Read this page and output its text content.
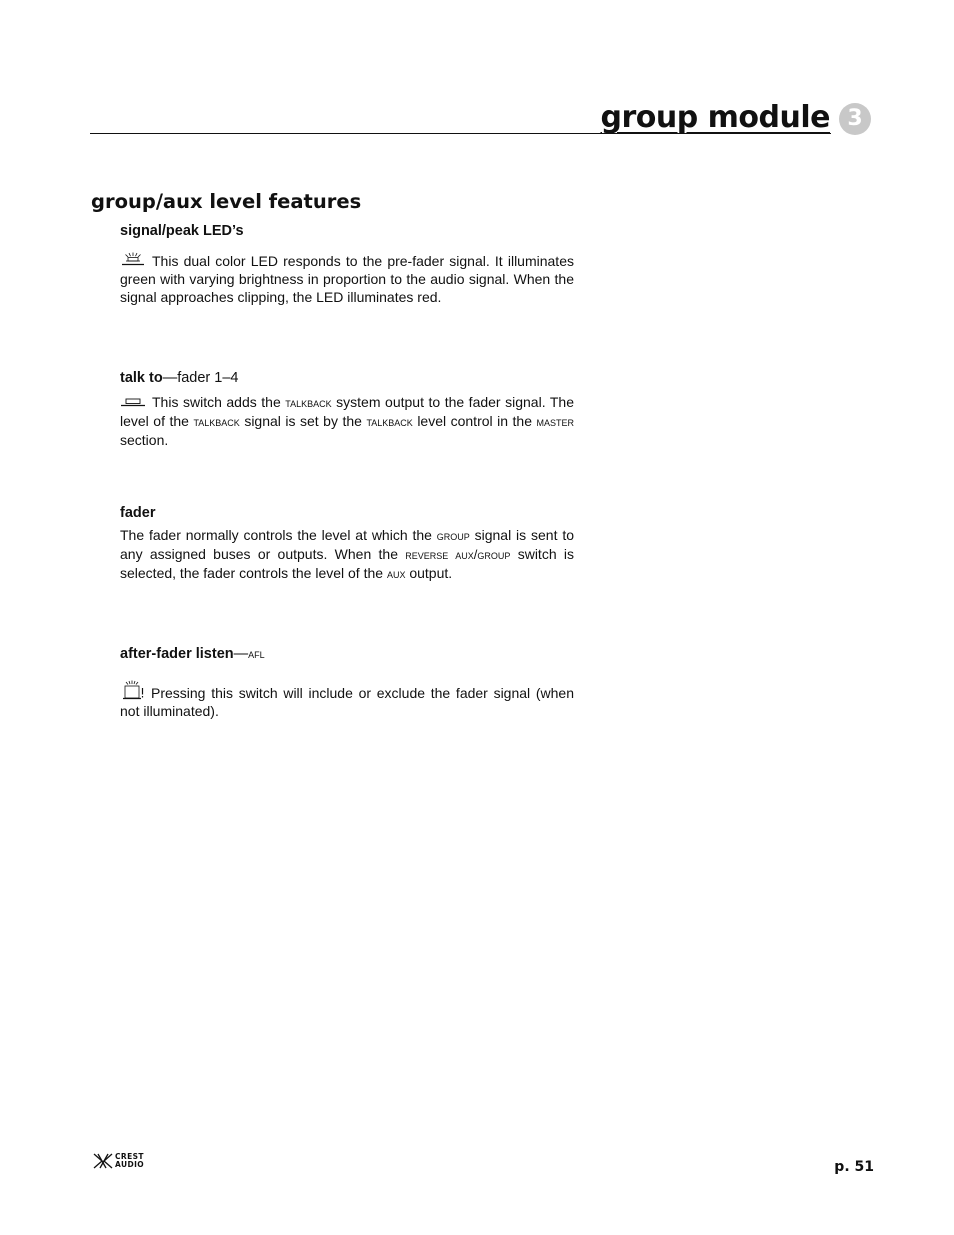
group module 3
group/aux level features
signal/peak LED’s
This dual color LED responds to the pre-fader signal. It illuminates green with varying brightness in proportion to the audio signal. When the signal approaches clipping, the LED illuminates red.
talk to—fader 1–4
This switch adds the talkback system output to the fader signal. The level of the talkback signal is set by the talkback level control in the master section.
fader
The fader normally controls the level at which the group signal is sent to any assigned buses or outputs. When the reverse aux/group switch is selected, the fader controls the level of the aux output.
after-fader listen—afl
Pressing this switch will include or exclude the fader signal (when not illuminated).
CREST
AUDIO	p. 51
